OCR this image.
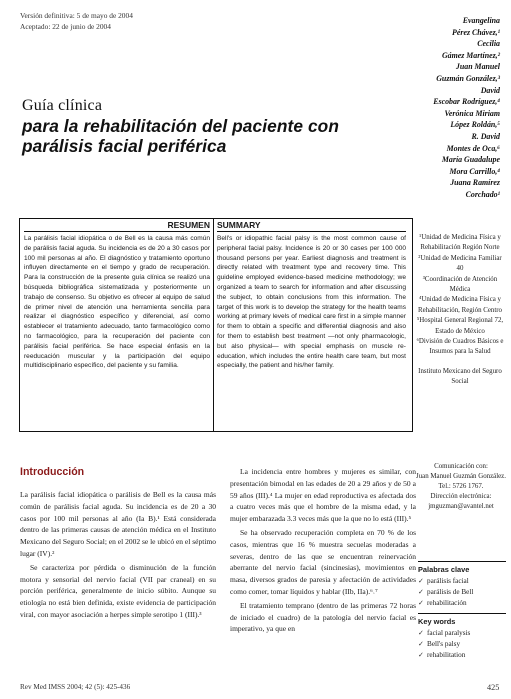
Versión definitiva: 5 de mayo de 2004
Aceptado: 22 de junio de 2004
Evangelina
Pérez Chávez,¹
Cecilia
Gámez Martínez,²
Juan Manuel
Guzmán González,³
David
Escobar Rodríguez,⁴
Verónica Miriam
López Roldán,⁵
R. David
Montes de Oca,⁶
María Guadalupe
Mora Carrillo,⁴
Juana Ramírez
Corchado¹
Guía clínica
para la rehabilitación del paciente con parálisis facial periférica
RESUMEN
La parálisis facial idiopática o de Bell es la causa más común de parálisis facial aguda. Su incidencia es de 20 a 30 casos por 100 mil personas al año. El diagnóstico y tratamiento oportuno influyen directamente en el tiempo y grado de recuperación. Para la construcción de la presente guía clínica se realizó una búsqueda bibliográfica sistematizada y posteriormente un trabajo de consenso. Su objetivo es ofrecer al equipo de salud de primer nivel de atención una herramienta sencilla para realizar el diagnóstico específico y diferencial, así como establecer el tratamiento adecuado, tanto farmacológico como no farmacológico, para la recuperación del paciente con parálisis facial periférica. Se hace especial énfasis en la reeducación muscular y la participación del equipo multidisciplinario específico, del paciente y su familia.
SUMMARY
Bell's or idiopathic facial palsy is the most common cause of peripheral facial palsy. Incidence is 20 or 30 cases per 100 000 thousand persons per year. Earliest diagnosis and treatment is directly related with treatment type and recovery time. This guideline employed evidence-based medicine methodology; we organized a team to search for information and after discussing the subject, to obtain conclusions from this information. The target of this work is to develop the strategy for the health teams working at primary levels of medical care first in a simple manner for them to obtain a specific and differential diagnosis and also for them to establish best treatment —not only pharmacologic, but also physical— with special emphasis on muscle re-education, which includes the entire health care team, but most especially, the patient and his/her family.
¹Unidad de Medicina Física y Rehabilitación Región Norte
²Unidad de Medicina Familiar 40
³Coordinación de Atención Médica
⁴Unidad de Medicina Física y Rehabilitación, Región Centro
⁵Hospital General Regional 72, Estado de México
⁶División de Cuadros Básicos e Insumos para la Salud
Instituto Mexicano del Seguro Social
Introducción

La parálisis facial idiopática o parálisis de Bell es la causa más común de parálisis facial aguda. Su incidencia es de 20 a 30 casos por 100 mil personas al año (Ia B).¹ Está considerada dentro de las primeras causas de atención médica en el Instituto Mexicano del Seguro Social; en el 2002 se le ubicó en el séptimo lugar (IV).²

Se caracteriza por pérdida o disminución de la función motora y sensorial del nervio facial (VII par craneal) en su porción periférica, generalmente de inicio súbito. Aunque su etiología no está bien definida, existe evidencia de participación viral, con mayor asociación a herpes simple serotipo 1 (III).³

La incidencia entre hombres y mujeres es similar, con presentación bimodal en las edades de 20 a 29 años y de 50 a 59 años (III).⁴ La mujer en edad reproductiva es afectada dos a cuatro veces más que el hombre de la misma edad, y la mujer embarazada 3.3 veces más que la que no lo está (III).⁵

Se ha observado recuperación completa en 70 % de los casos, mientras que 16 % muestra secuelas moderadas a severas, dentro de las que se encuentran reinervación aberrante del nervio facial (sincinesias), movimientos en masa, diversos grados de paresia y afectación de actividades como comer, tomar líquidos y hablar (IIb, IIa).⁶˒⁷

El tratamiento temprano (dentro de las primeras 72 horas de iniciado el cuadro) de la patología del nervio facial es imperativo, ya que en

Comunicación con:
Juan Manuel Guzmán González.
Tel.: 5726 1767.
Dirección electrónica:
jmguzman@avantel.net
Palabras clave
✓ parálisis facial
✓ parálisis de Bell
✓ rehabilitación
Key words
✓ facial paralysis
✓ Bell's palsy
✓ rehabilitation
Rev Med IMSS 2004; 42 (5): 425-436	425
